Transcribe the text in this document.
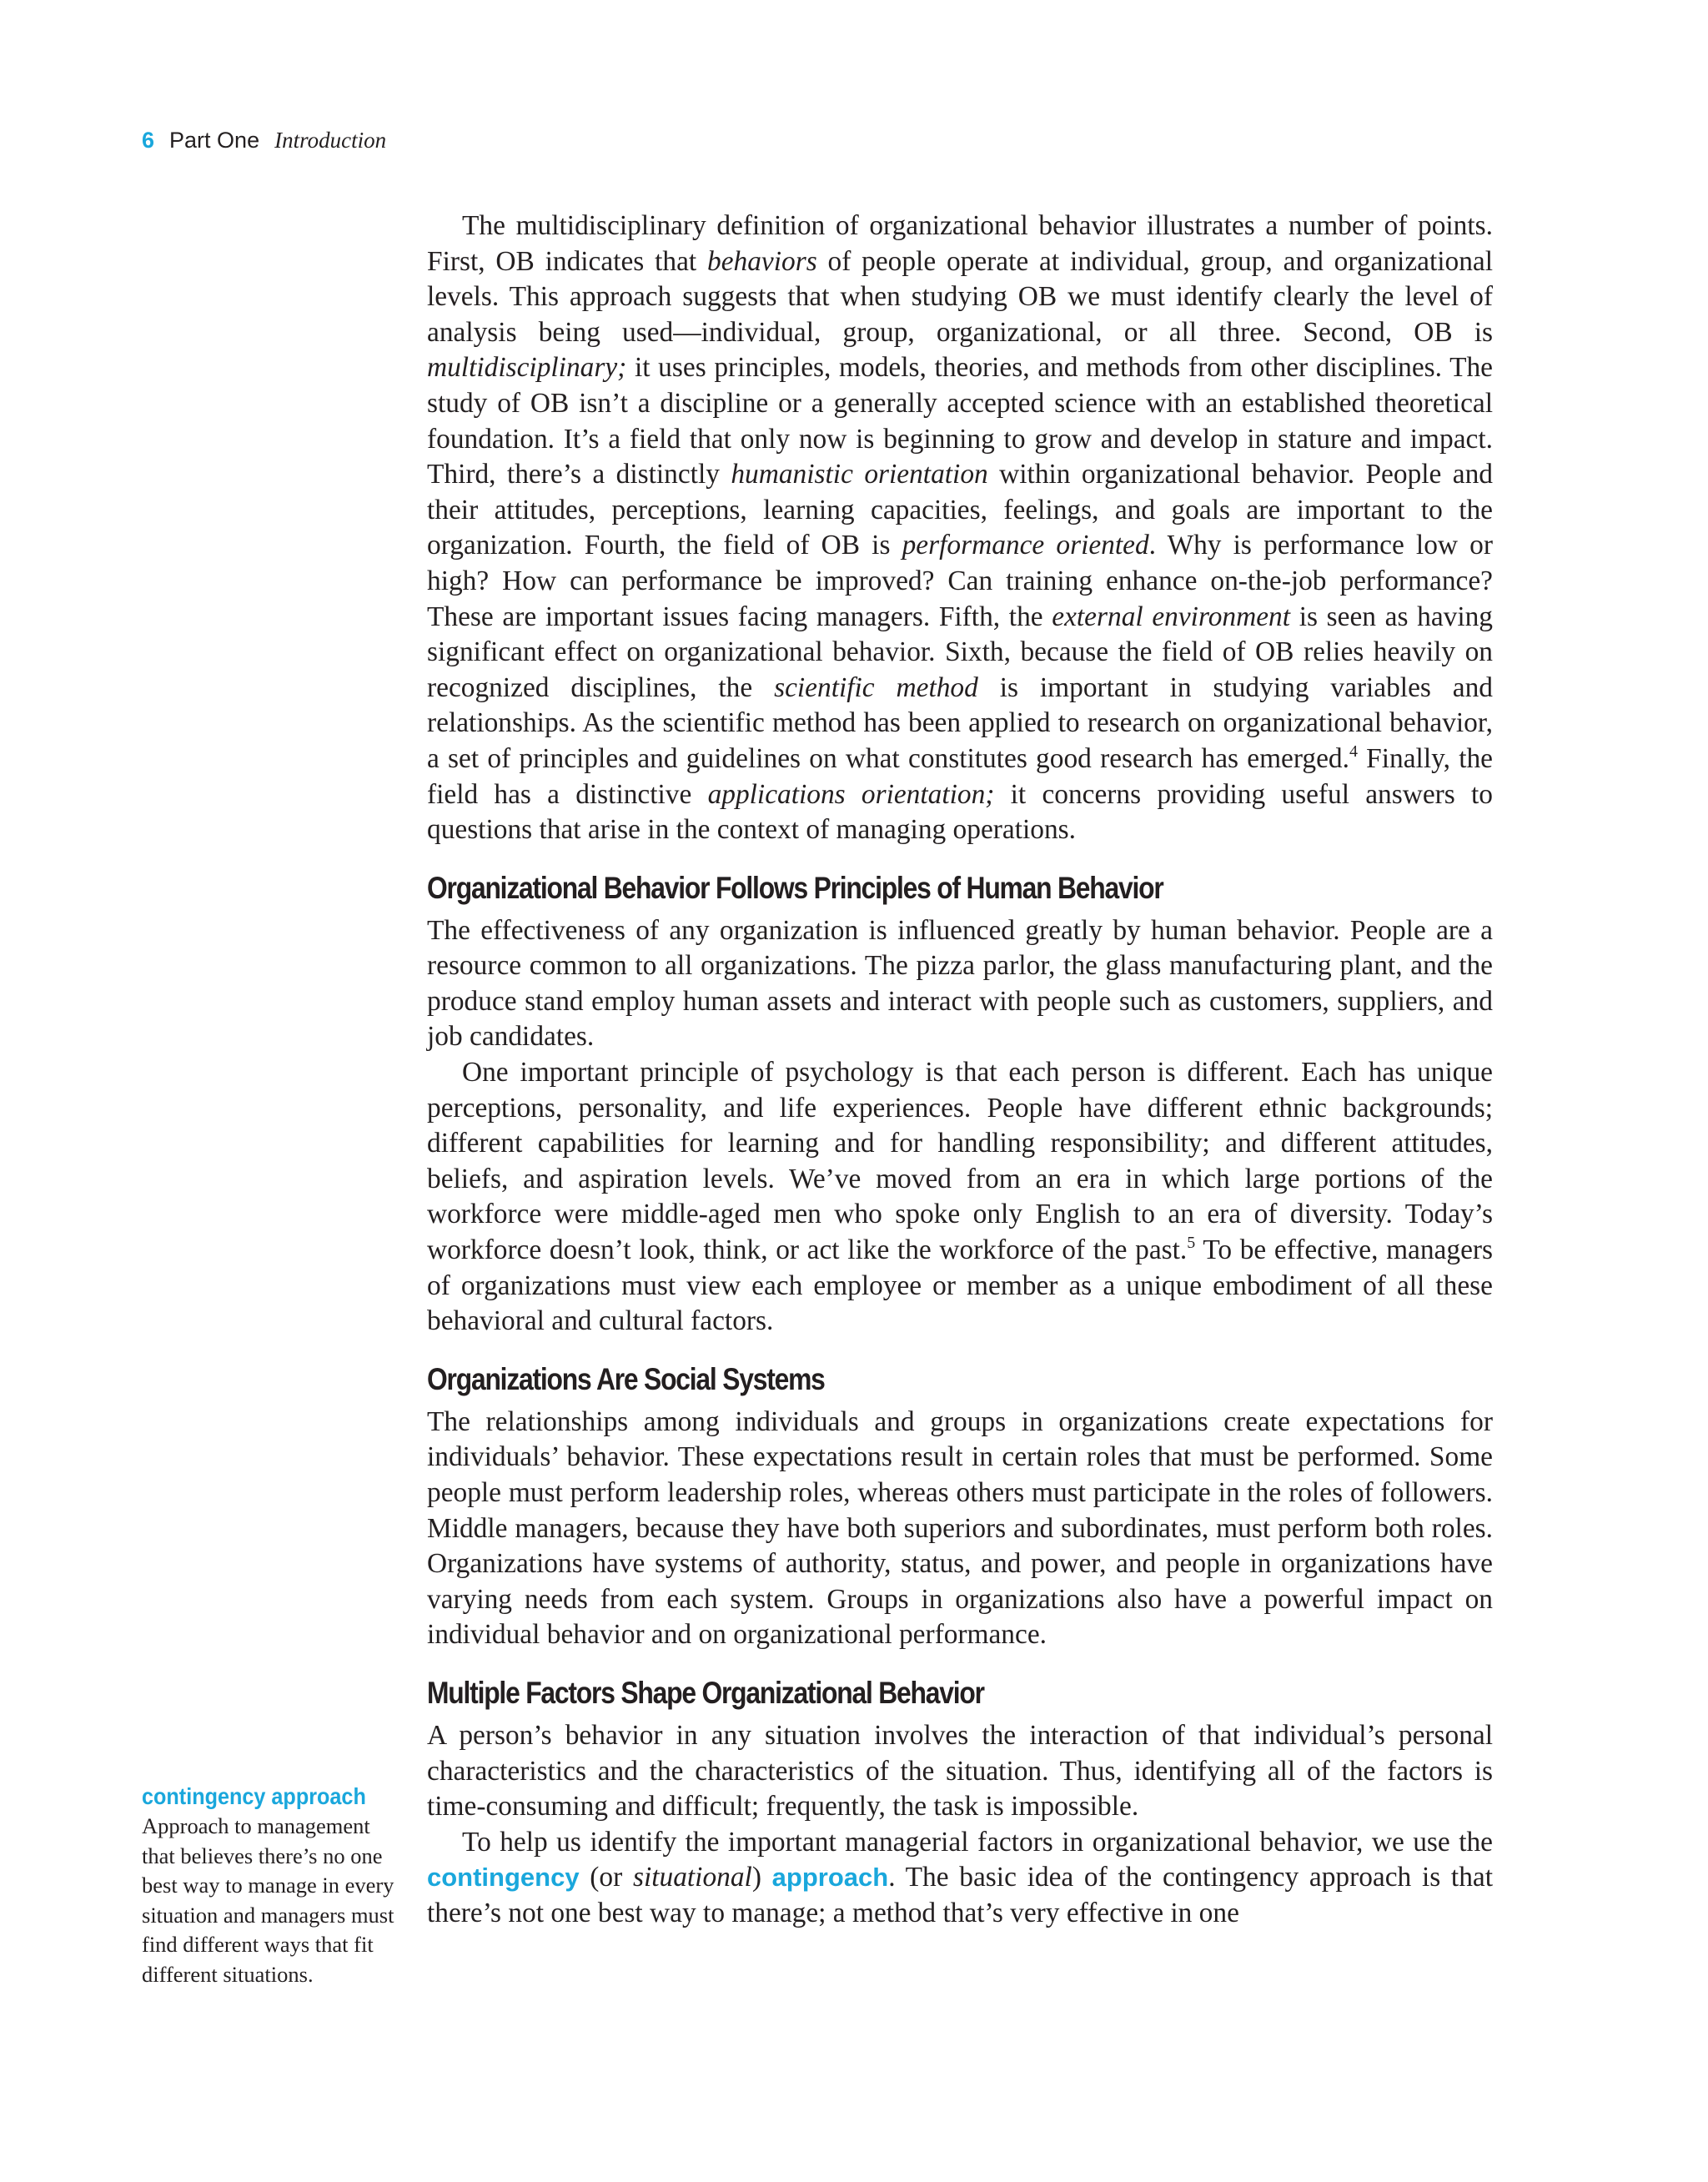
6 Part One Introduction

The multidisciplinary definition of organizational behavior illustrates a number of points. First, OB indicates that behaviors of people operate at individual, group, and organizational levels. This approach suggests that when studying OB we must identify clearly the level of analysis being used—individual, group, organizational, or all three. Second, OB is multidisciplinary; it uses principles, models, theories, and methods from other disciplines. The study of OB isn’t a discipline or a generally accepted science with an established theoretical foundation. It’s a field that only now is beginning to grow and develop in stature and impact. Third, there’s a distinctly humanistic orientation within organizational behavior. People and their attitudes, perceptions, learning capacities, feelings, and goals are important to the organization. Fourth, the field of OB is performance oriented. Why is performance low or high? How can performance be improved? Can training enhance on-the-job performance? These are important issues facing managers. Fifth, the external environment is seen as having significant effect on organizational behavior. Sixth, because the field of OB relies heavily on recognized disciplines, the scientific method is important in studying variables and relationships. As the scientific method has been applied to research on organizational behavior, a set of principles and guidelines on what constitutes good research has emerged.$^4$ Finally, the field has a distinctive applications orientation; it concerns providing useful answers to questions that arise in the context of managing operations.

Organizational Behavior Follows Principles of Human Behavior

The effectiveness of any organization is influenced greatly by human behavior. People are a resource common to all organizations. The pizza parlor, the glass manufacturing plant, and the produce stand employ human assets and interact with people such as customers, suppliers, and job candidates.

One important principle of psychology is that each person is different. Each has unique perceptions, personality, and life experiences. People have different ethnic backgrounds; different capabilities for learning and for handling responsibility; and different attitudes, beliefs, and aspiration levels. We’ve moved from an era in which large portions of the workforce were middle-aged men who spoke only English to an era of diversity. Today’s workforce doesn’t look, think, or act like the workforce of the past.$^5$ To be effective, managers of organizations must view each employee or member as a unique embodiment of all these behavioral and cultural factors.

Organizations Are Social Systems

The relationships among individuals and groups in organizations create expectations for individuals’ behavior. These expectations result in certain roles that must be performed. Some people must perform leadership roles, whereas others must participate in the roles of followers. Middle managers, because they have both superiors and subordinates, must perform both roles. Organizations have systems of authority, status, and power, and people in organizations have varying needs from each system. Groups in organizations also have a powerful impact on individual behavior and on organizational performance.

Multiple Factors Shape Organizational Behavior

A person’s behavior in any situation involves the interaction of that individual’s personal characteristics and the characteristics of the situation. Thus, identifying all of the factors is time-consuming and difficult; frequently, the task is impossible.

To help us identify the important managerial factors in organizational behavior, we use the contingency (or situational) approach. The basic idea of the contingency approach is that there’s not one best way to manage; a method that’s very effective in one

contingency approach
Approach to management that believes there’s no one best way to manage in every situation and managers must find different ways that fit different situations.
